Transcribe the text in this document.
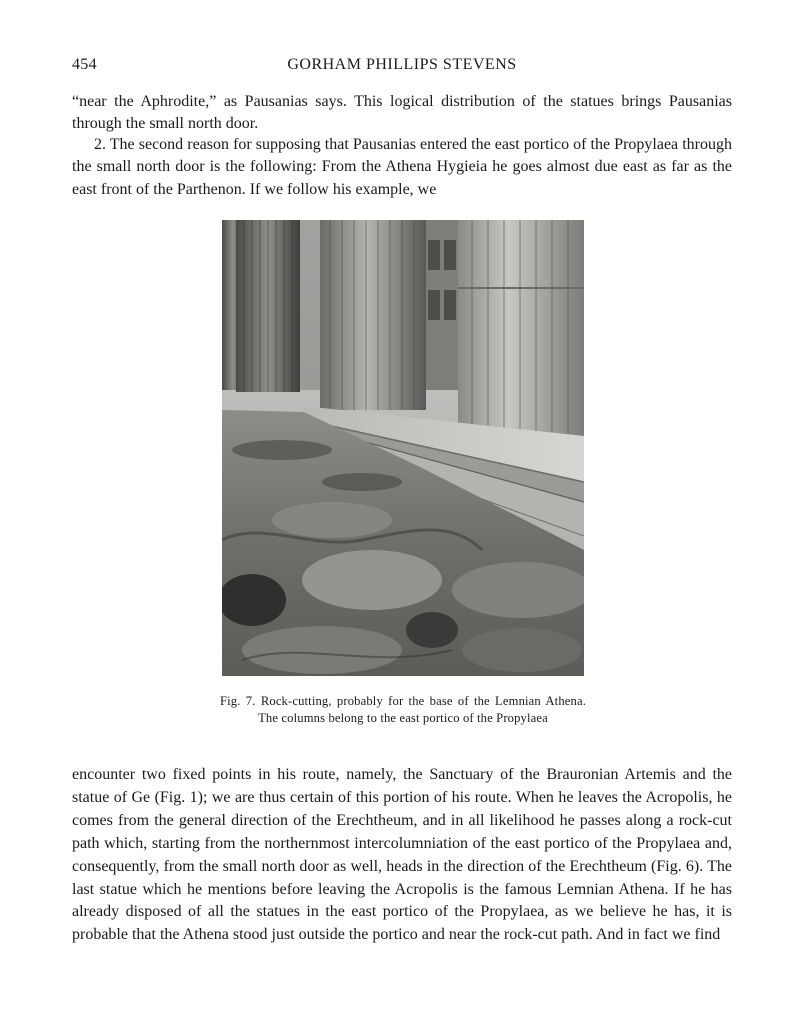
454	GORHAM PHILLIPS STEVENS

“near the Aphrodite,” as Pausanias says. This logical distribution of the statues brings Pausanias through the small north door.

2. The second reason for supposing that Pausanias entered the east portico of the Propylaea through the small north door is the following: From the Athena Hygieia he goes almost due east as far as the east front of the Parthenon. If we follow his example, we

Fig. 7. Rock-cutting, probably for the base of the Lemnian Athena. The columns belong to the east portico of the Propylaea

encounter two fixed points in his route, namely, the Sanctuary of the Brauronian Artemis and the statue of Ge (Fig. 1); we are thus certain of this portion of his route. When he leaves the Acropolis, he comes from the general direction of the Erechtheum, and in all likelihood he passes along a rock-cut path which, starting from the northernmost intercolumniation of the east portico of the Propylaea and, consequently, from the small north door as well, heads in the direction of the Erechtheum (Fig. 6). The last statue which he mentions before leaving the Acropolis is the famous Lemnian Athena. If he has already disposed of all the statues in the east portico of the Propylaea, as we believe he has, it is probable that the Athena stood just outside the portico and near the rock-cut path. And in fact we find
